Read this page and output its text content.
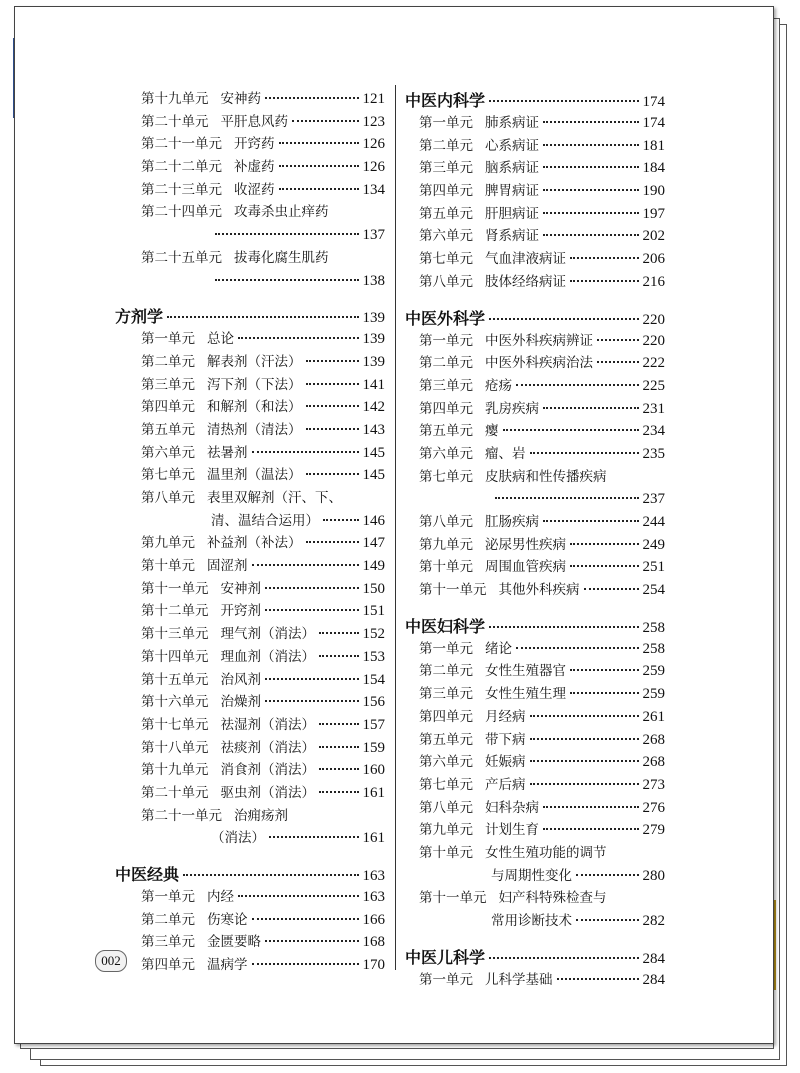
第十九单元 安神药	121
第二十单元 平肝息风药	123
第二十一单元 开窍药	126
第二十二单元 补虚药	126
第二十三单元 收涩药	134
第二十四单元 攻毒杀虫止痒药
137
第二十五单元 拔毒化腐生肌药
138
方剂学	139
第一单元 总论	139
第二单元 解表剂（汗法）	139
第三单元 泻下剂（下法）	141
第四单元 和解剂（和法）	142
第五单元 清热剂（清法）	143
第六单元 祛暑剂	145
第七单元 温里剂（温法）	145
第八单元 表里双解剂（汗、下、
清、温结合运用）	146
第九单元 补益剂（补法）	147
第十单元 固涩剂	149
第十一单元 安神剂	150
第十二单元 开窍剂	151
第十三单元 理气剂（消法）	152
第十四单元 理血剂（消法）	153
第十五单元 治风剂	154
第十六单元 治燥剂	156
第十七单元 祛湿剂（消法）	157
第十八单元 祛痰剂（消法）	159
第十九单元 消食剂（消法）	160
第二十单元 驱虫剂（消法）	161
第二十一单元 治痈疡剂
（消法）	161
中医经典	163
第一单元 内经	163
第二单元 伤寒论	166
第三单元 金匮要略	168
第四单元 温病学	170
中医内科学	174
第一单元 肺系病证	174
第二单元 心系病证	181
第三单元 脑系病证	184
第四单元 脾胃病证	190
第五单元 肝胆病证	197
第六单元 肾系病证	202
第七单元 气血津液病证	206
第八单元 肢体经络病证	216
中医外科学	220
第一单元 中医外科疾病辨证	220
第二单元 中医外科疾病治法	222
第三单元 疮疡	225
第四单元 乳房疾病	231
第五单元 瘿	234
第六单元 瘤、岩	235
第七单元 皮肤病和性传播疾病
237
第八单元 肛肠疾病	244
第九单元 泌尿男性疾病	249
第十单元 周围血管疾病	251
第十一单元 其他外科疾病	254
中医妇科学	258
第一单元 绪论	258
第二单元 女性生殖器官	259
第三单元 女性生殖生理	259
第四单元 月经病	261
第五单元 带下病	268
第六单元 妊娠病	268
第七单元 产后病	273
第八单元 妇科杂病	276
第九单元 计划生育	279
第十单元 女性生殖功能的调节
与周期性变化	280
第十一单元 妇产科特殊检查与
常用诊断技术	282
中医儿科学	284
第一单元 儿科学基础	284
002
